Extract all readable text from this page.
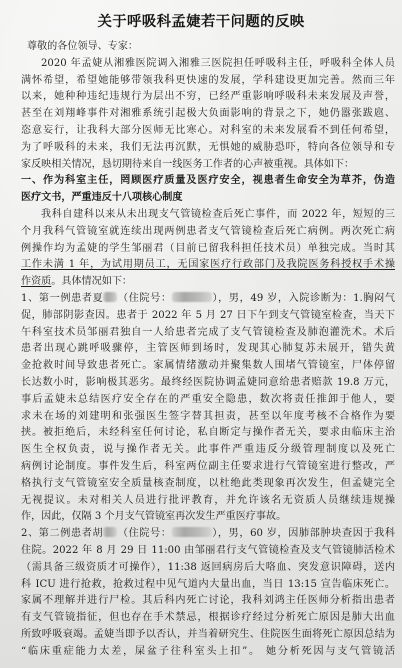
关于呼吸科孟婕若干问题的反映
尊敬的各位领导、专家：
2020 年孟婕从湘雅医院调入湘雅三医院担任呼吸科主任，呼吸科全体人员
满怀希望，希望她能够带领我科更快速的发展，学科建设更加完善。然而三年
以来，她种种违纪违规行为层出不穷，已经严重影响呼吸科未来发展及声誉，
甚至在刘翔峰事件对湘雅系统引起极大负面影响的背景之下，她仍嚣张跋扈、
恣意妄行，让我科大部分医师无比寒心。对科室的未来发展看不到任何希望，
为了呼吸科的未来，我们无法再沉默，无惧她的威胁恐吓，特向各位领导和专
家反映相关情况，恳切期待来自一线医务工作者的心声被重视。具体如下：
一、作为科室主任，罔顾医疗质量及医疗安全，视患者生命安全为草芥，伪造
医疗文书，严重违反十八项核心制度
我科自建科以来从未出现支气管镜检查后死亡事件，而 2022 年，短短的三
个月我科气管镜室就连续出现两例患者支气管镜检查后死亡病例。两次死亡病
例操作均为孟婕的学生邹丽君（目前已留我科担任技术员）单独完成。当时其
工作未满 1 年，为试用期员工，无国家医疗行政部门及我院医务科授权手术操
作资质。具体情况如下：
1、第一例患者夏 （住院号：	），男，49 岁，入院诊断为：1.胸闷气
促，肺部阴影查因。患者于 2022 年 5 月 27 日下午到支气管镜室检查，当天下
午科室技术员邹丽君独自一人给患者完成了支气管镜检查及肺泡灌洗术。术后
患者出现心跳呼吸骤停，主管医师到场时，发现其心肺复苏未展开，错失黄
金抢救时间导致患者死亡。家属情绪激动并聚集数人围堵气管镜室，尸体停留
长达数小时，影响极其恶劣。最终经医院协调孟婕同意给患者赔款 19.8 万元，
事后孟婕未总结医疗安全存在的严重安全隐患，数次将责任推卸于他人，要
求未在场的刘建明和张强医生签字替其担责，甚至以年度考核不合格作为要
挟。被拒绝后，未经科室任何讨论，私自断定与操作者无关，要求由临床主治
医生全权负责，说与操作者无关。此事件严重违反分级管理制度以及死亡
病例讨论制度。事件发生后，科室两位副主任要求进行气管镜室进行整改，严
格执行支气管镜室安全质量核查制度，以杜绝此类现象再次发生，但孟婕完全
无视提议。未对相关人员进行批评教育，并允许该名无资质人员继续违规操
作，因此，仅隔 3 个月支气管镜室再次发生严重医疗事故。
2、第二例患者胡 （住院号：	），男，60 岁，因肺部肿块查因于我科
住院。2022 年 8 月 29 日 11:00 由邹丽君行支气管镜检查及支气管镜肺活检术
（需具备三级资质才可操作），11:38 返回病房后大咯血、突发意识障碍，送内
科 ICU 进行抢救，抢救过程中见气道内大量出血，当日 13:15 宣告临床死亡。
家属不理解并进行尸检。其后科内死亡讨论，我科刘鸿主任医师分析指出患者
有支气管镜指征，但也存在手术禁忌，根据诊疗经过分析死亡原因是肺大出血
所致呼吸衰竭。孟婕当即予以否认，并当着研究生、住院医生面将死亡原因总结为
“临床重症能力太差，屎盆子往科室头上扣”。 她分析死因与支气管镜活
